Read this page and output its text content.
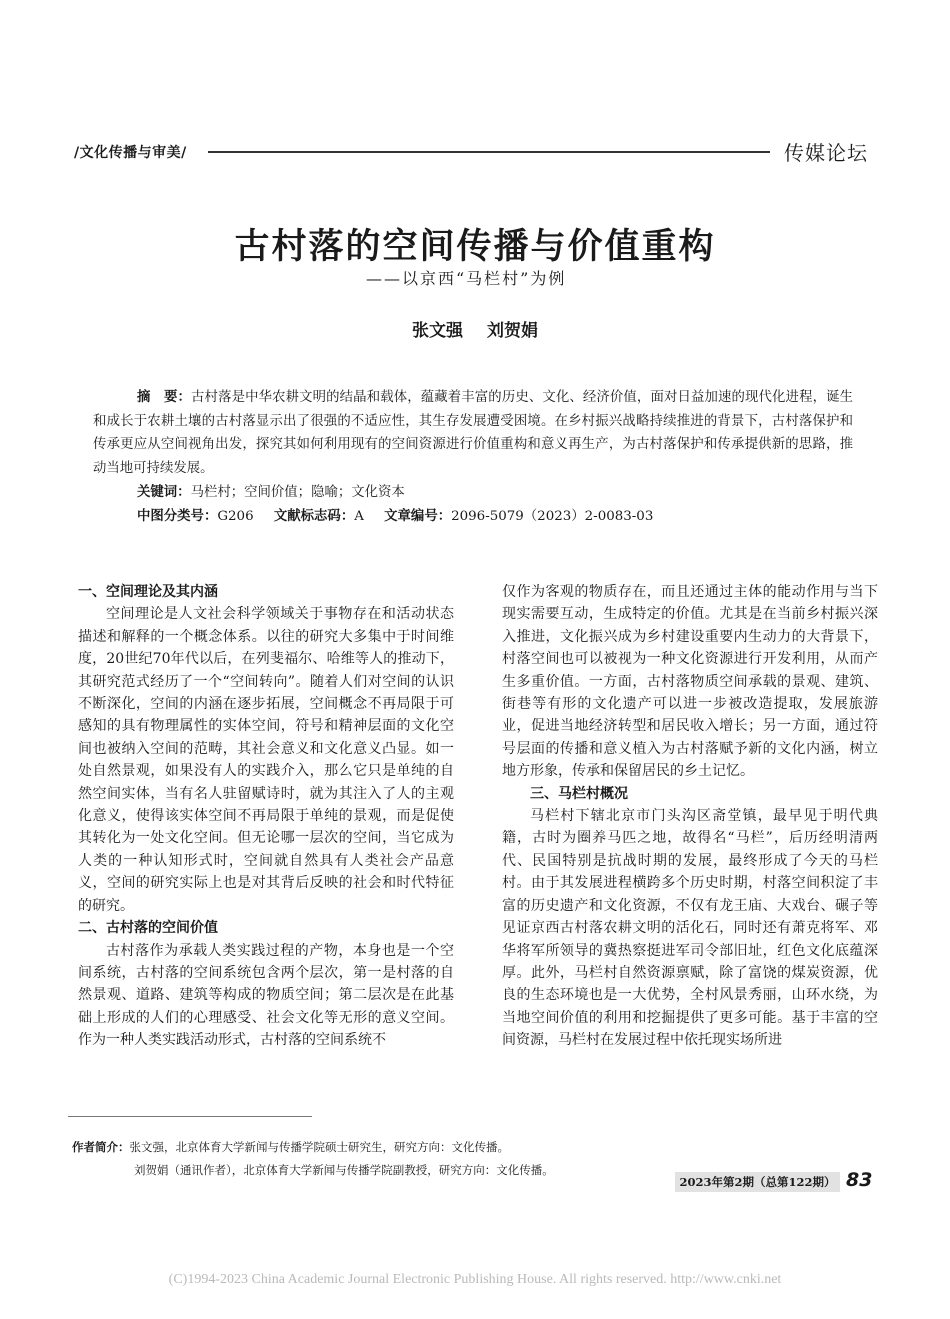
/文化传播与审美/	传媒论坛
古村落的空间传播与价值重构
——以京西“马栏村”为例
张文强 刘贺娟
摘　要：古村落是中华农耕文明的结晶和载体，蕴藏着丰富的历史、文化、经济价值，面对日益加速的现代化进程，诞生和成长于农耕土壤的古村落显示出了很强的不适应性，其生存发展遭受困境。在乡村振兴战略持续推进的背景下，古村落保护和传承更应从空间视角出发，探究其如何利用现有的空间资源进行价值重构和意义再生产，为古村落保护和传承提供新的思路，推动当地可持续发展。
关键词：马栏村；空间价值；隐喻；文化资本
中图分类号：G206 文献标志码：A 文章编号：2096-5079（2023）2-0083-03
一、空间理论及其内涵

空间理论是人文社会科学领域关于事物存在和活动状态描述和解释的一个概念体系。以往的研究大多集中于时间维度，20世纪70年代以后，在列斐福尔、哈维等人的推动下，其研究范式经历了一个“空间转向”。随着人们对空间的认识不断深化，空间的内涵在逐步拓展，空间概念不再局限于可感知的具有物理属性的实体空间，符号和精神层面的文化空间也被纳入空间的范畴，其社会意义和文化意义凸显。如一处自然景观，如果没有人的实践介入，那么它只是单纯的自然空间实体，当有名人驻留赋诗时，就为其注入了人的主观化意义，使得该实体空间不再局限于单纯的景观，而是促使其转化为一处文化空间。但无论哪一层次的空间，当它成为人类的一种认知形式时，空间就自然具有人类社会产品意义，空间的研究实际上也是对其背后反映的社会和时代特征的研究。

二、古村落的空间价值

古村落作为承载人类实践过程的产物，本身也是一个空间系统，古村落的空间系统包含两个层次，第一是村落的自然景观、道路、建筑等构成的物质空间；第二层次是在此基础上形成的人们的心理感受、社会文化等无形的意义空间。作为一种人类实践活动形式，古村落的空间系统不

仅作为客观的物质存在，而且还通过主体的能动作用与当下现实需要互动，生成特定的价值。尤其是在当前乡村振兴深入推进，文化振兴成为乡村建设重要内生动力的大背景下，村落空间也可以被视为一种文化资源进行开发利用，从而产生多重价值。一方面，古村落物质空间承载的景观、建筑、街巷等有形的文化遗产可以进一步被改造提取，发展旅游业，促进当地经济转型和居民收入增长；另一方面，通过符号层面的传播和意义植入为古村落赋予新的文化内涵，树立地方形象，传承和保留居民的乡土记忆。

三、马栏村概况

马栏村下辖北京市门头沟区斋堂镇，最早见于明代典籍，古时为圈养马匹之地，故得名“马栏”，后历经明清两代、民国特别是抗战时期的发展，最终形成了今天的马栏村。由于其发展进程横跨多个历史时期，村落空间积淀了丰富的历史遗产和文化资源，不仅有龙王庙、大戏台、碾子等见证京西古村落农耕文明的活化石，同时还有萧克将军、邓华将军所领导的冀热察挺进军司令部旧址，红色文化底蕴深厚。此外，马栏村自然资源禀赋，除了富饶的煤炭资源，优良的生态环境也是一大优势，全村风景秀丽，山环水绕，为当地空间价值的利用和挖掘提供了更多可能。基于丰富的空间资源，马栏村在发展过程中依托现实场所进

作者简介：张文强，北京体育大学新闻与传播学院硕士研究生，研究方向：文化传播。
刘贺娟（通讯作者），北京体育大学新闻与传播学院副教授，研究方向：文化传播。
2023年第2期（总第122期） 83
(C)1994-2023 China Academic Journal Electronic Publishing House. All rights reserved. http://www.cnki.net
